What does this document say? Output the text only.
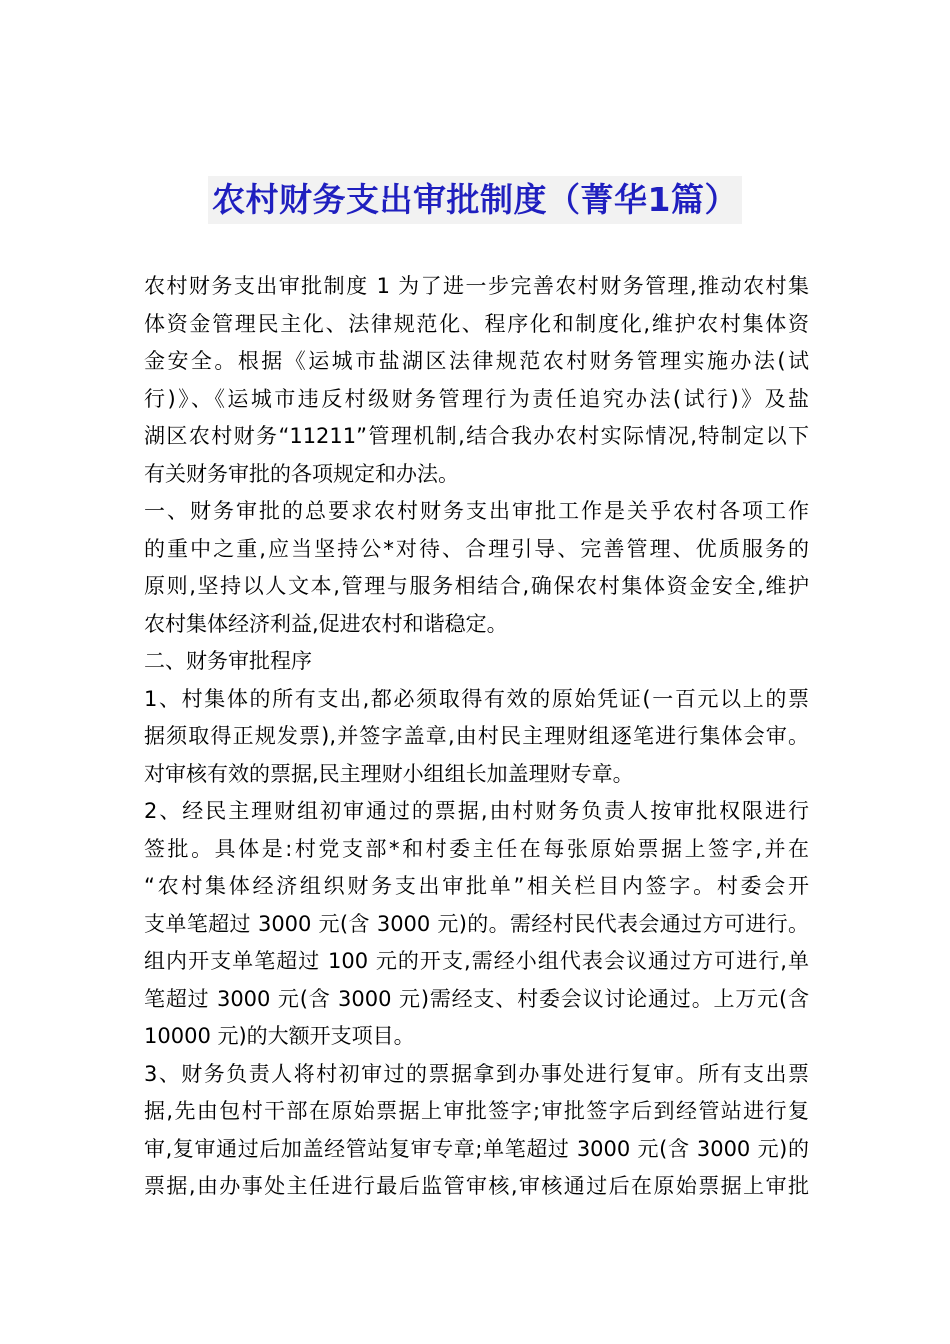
农村财务支出审批制度（菁华1篇）
农村财务支出审批制度 1 为了进一步完善农村财务管理,推动农村集
体资金管理民主化、法律规范化、程序化和制度化,维护农村集体资
金安全。根据《运城市盐湖区法律规范农村财务管理实施办法(试
行)》、《运城市违反村级财务管理行为责任追究办法(试行)》及盐
湖区农村财务“11211”管理机制,结合我办农村实际情况,特制定以下
有关财务审批的各项规定和办法。
一、财务审批的总要求农村财务支出审批工作是关乎农村各项工作
的重中之重,应当坚持公*对待、合理引导、完善管理、优质服务的
原则,坚持以人文本,管理与服务相结合,确保农村集体资金安全,维护
农村集体经济利益,促进农村和谐稳定。
二、财务审批程序
1、村集体的所有支出,都必须取得有效的原始凭证(一百元以上的票
据须取得正规发票),并签字盖章,由村民主理财组逐笔进行集体会审。
对审核有效的票据,民主理财小组组长加盖理财专章。
2、经民主理财组初审通过的票据,由村财务负责人按审批权限进行
签批。具体是:村党支部*和村委主任在每张原始票据上签字,并在
“农村集体经济组织财务支出审批单”相关栏目内签字。村委会开
支单笔超过 3000 元(含 3000 元)的。需经村民代表会通过方可进行。
组内开支单笔超过 100 元的开支,需经小组代表会议通过方可进行,单
笔超过 3000 元(含 3000 元)需经支、村委会议讨论通过。上万元(含
10000 元)的大额开支项目。
3、财务负责人将村初审过的票据拿到办事处进行复审。所有支出票
据,先由包村干部在原始票据上审批签字;审批签字后到经管站进行复
审,复审通过后加盖经管站复审专章;单笔超过 3000 元(含 3000 元)的
票据,由办事处主任进行最后监管审核,审核通过后在原始票据上审批
